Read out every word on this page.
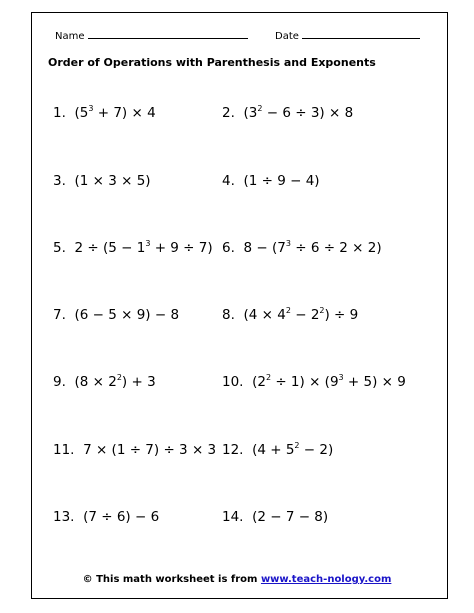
Name	Date
Order of Operations with Parenthesis and Exponents
1. $(5^3 + 7) \times 4$	2. $(3^2 - 6 \div 3) \times 8$
3. (1 × 3 × 5)	4. (1 ÷ 9 − 4)
5. $2 \div (5 - 1^3 + 9 \div 7)$ 6. $8 - (7^3 \div 6 \div 2 \times 2)$
7. (6 − 5 × 9) − 8	8. $(4 \times 4^2 - 2^2) \div 9$
9. $(8 \times 2^2) + 3$	10. $(2^2 \div 1) \times (9^3 + 5) \times 9$
11. 7 × (1 ÷ 7) ÷ 3 × 3 12. $(4 + 5^2 - 2)$
13. (7 ÷ 6) − 6	14. (2 − 7 − 8)
© This math worksheet is from www.teach-nology.com
